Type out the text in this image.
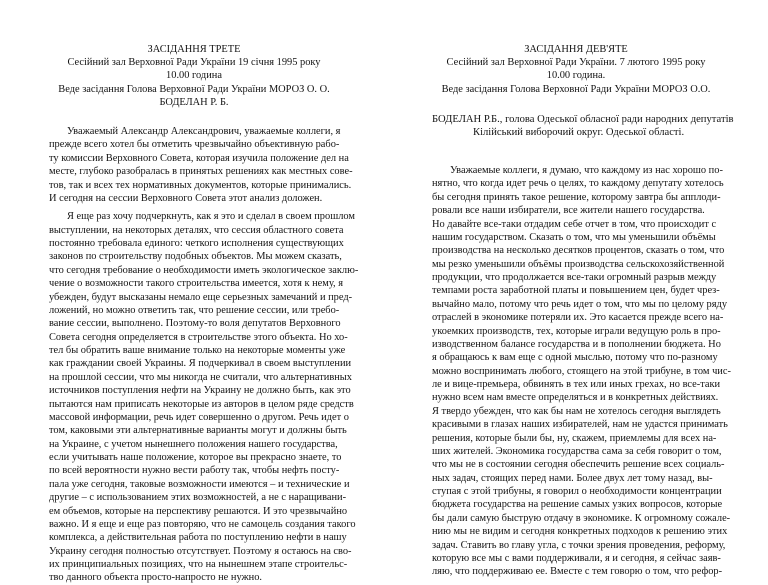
ЗАСІДАННЯ ТРЕТЕ
Сесійний зал Верховної Ради України 19 січня 1995 року
10.00 година
Веде засідання Голова Верховної Ради України МОРОЗ О. О.
БОДЕЛАН Р. Б.
Уважаемый Александр Александрович, уважаемые коллеги, я
прежде всего хотел бы отметить чрезвычайно объективную рабо-
ту комиссии Верховного Совета, которая изучила положение дел на
месте, глубоко разобралась в принятых решениях как местных сове-
тов, так и всех тех нормативных документов, которые принимались.
И сегодня на сессии Верховного Совета этот анализ доложен.
Я еще раз хочу подчеркнуть, как я это и сделал в своем прошлом
выступлении, на некоторых деталях, что сессия областного совета
постоянно требовала единого: четкого исполнения существующих
законов по строительству подобных объектов. Мы можем сказать,
что сегодня требование о необходимости иметь экологическое заклю-
чение о возможности такого строительства имеется, хотя к нему, я
убежден, будут высказаны немало еще серьезных замечаний и пред-
ложений, но можно ответить так, что решение сессии, или требо-
вание сессии, выполнено. Поэтому-то воля депутатов Верховного
Совета сегодня определяется в строительстве этого объекта. Но хо-
тел бы обратить ваше внимание только на некоторые моменты уже
как граждании своей Украины. Я подчеркивал в своем выступлении
на прошлой сессии, что мы никогда не считали, что альтернативных
источников поступления нефти на Украину не должно быть, как это
пытаются нам приписать некоторые из авторов в целом ряде средств
массовой информации, речь идет совершенно о другом. Речь идет о
том, каковыми эти альтернативные варианты могут и должны быть
на Украине, с учетом нынешнего положения нашего государства,
если учитывать наше положение, которое вы прекрасно знаете, то
по всей вероятности нужно вести работу так, чтобы нефть посту-
пала уже сегодня, таковые возможности имеются – и технические и
другие – с использованием этих возможностей, а не с наращивани-
ем объемов, которые на перспективу решаются. И это чрезвычайно
важно. И я еще и еще раз повторяю, что не самоцель создания такого
комплекса, а действительная работа по поступлению нефти в нашу
Украину сегодня полностью отсутствует. Поэтому я остаюсь на сво-
их принципиальных позициях, что на нынешнем этапе строительс-
тво данного объекта просто-напросто не нужно.
ЗАСІДАННЯ ДЕВ'ЯТЕ
Сесійний зал Верховної Ради України. 7 лютого 1995 року
10.00 година.
Веде засідання Голова Верховної Ради України МОРОЗ О.О.
БОДЕЛАН Р.Б., голова Одеської обласної ради народних депутатів
Кілійський виборочий округ. Одеської області.
Уважаемые коллеги, я думаю, что каждому из нас хорошо по-
нятно, что когда идет речь о целях, то каждому депутату хотелось
бы сегодня принять такое решение, которому завтра бы апплоди-
ровали все наши избиратели, все жители нашего государства.
Но давайте все-таки отдадим себе отчет в том, что происходит с
нашим государством. Сказать о том, что мы уменьшили объёмы
производства на несколько десятков процентов, сказать о том, что
мы резко уменьшили объёмы производства сельскохозяйственной
продукции, что продолжается все-таки огромный разрыв между
темпами роста заработной платы и повышением цен, будет чрез-
вычайно мало, потому что речь идет о том, что мы по целому ряду
отраслей в экономике потеряли их. Это касается прежде всего на-
укоемких производств, тех, которые играли ведущую роль в про-
изводственном балансе государства и в пополнении бюджета. Но
я обращаюсь к вам еще с одной мыслью, потому что по-разному
можно воспринимать любого, стоящего на этой трибуне, в том чис-
ле и вице-премьера, обвинять в тех или иных грехах, но все-таки
нужно всем нам вместе определяться и в конкретных действиях.
Я твердо убежден, что как бы нам не хотелось сегодня выглядеть
красивыми в глазах наших избирателей, нам не удастся принимать
решения, которые были бы, ну, скажем, приемлемы для всех на-
ших жителей. Экономика государства сама за себя говорит о том,
что мы не в состоянии сегодня обеспечить решение всех социаль-
ных задач, стоящих перед нами. Более двух лет тому назад, вы-
ступая с этой трибуны, я говорил о необходимости концентрации
бюджета государства на решение самых узких вопросов, которые
бы дали самую быструю отдачу в экономике. К огромному сожале-
нию мы не видим и сегодня конкретных подходов к решению этих
задач. Ставить во главу угла, с точки зрения проведения, реформу,
которую все мы с вами поддерживали, я и сегодня, я сейчас заяв-
ляю, что поддерживаю ее. Вместе с тем говорю о том, что рефор-
